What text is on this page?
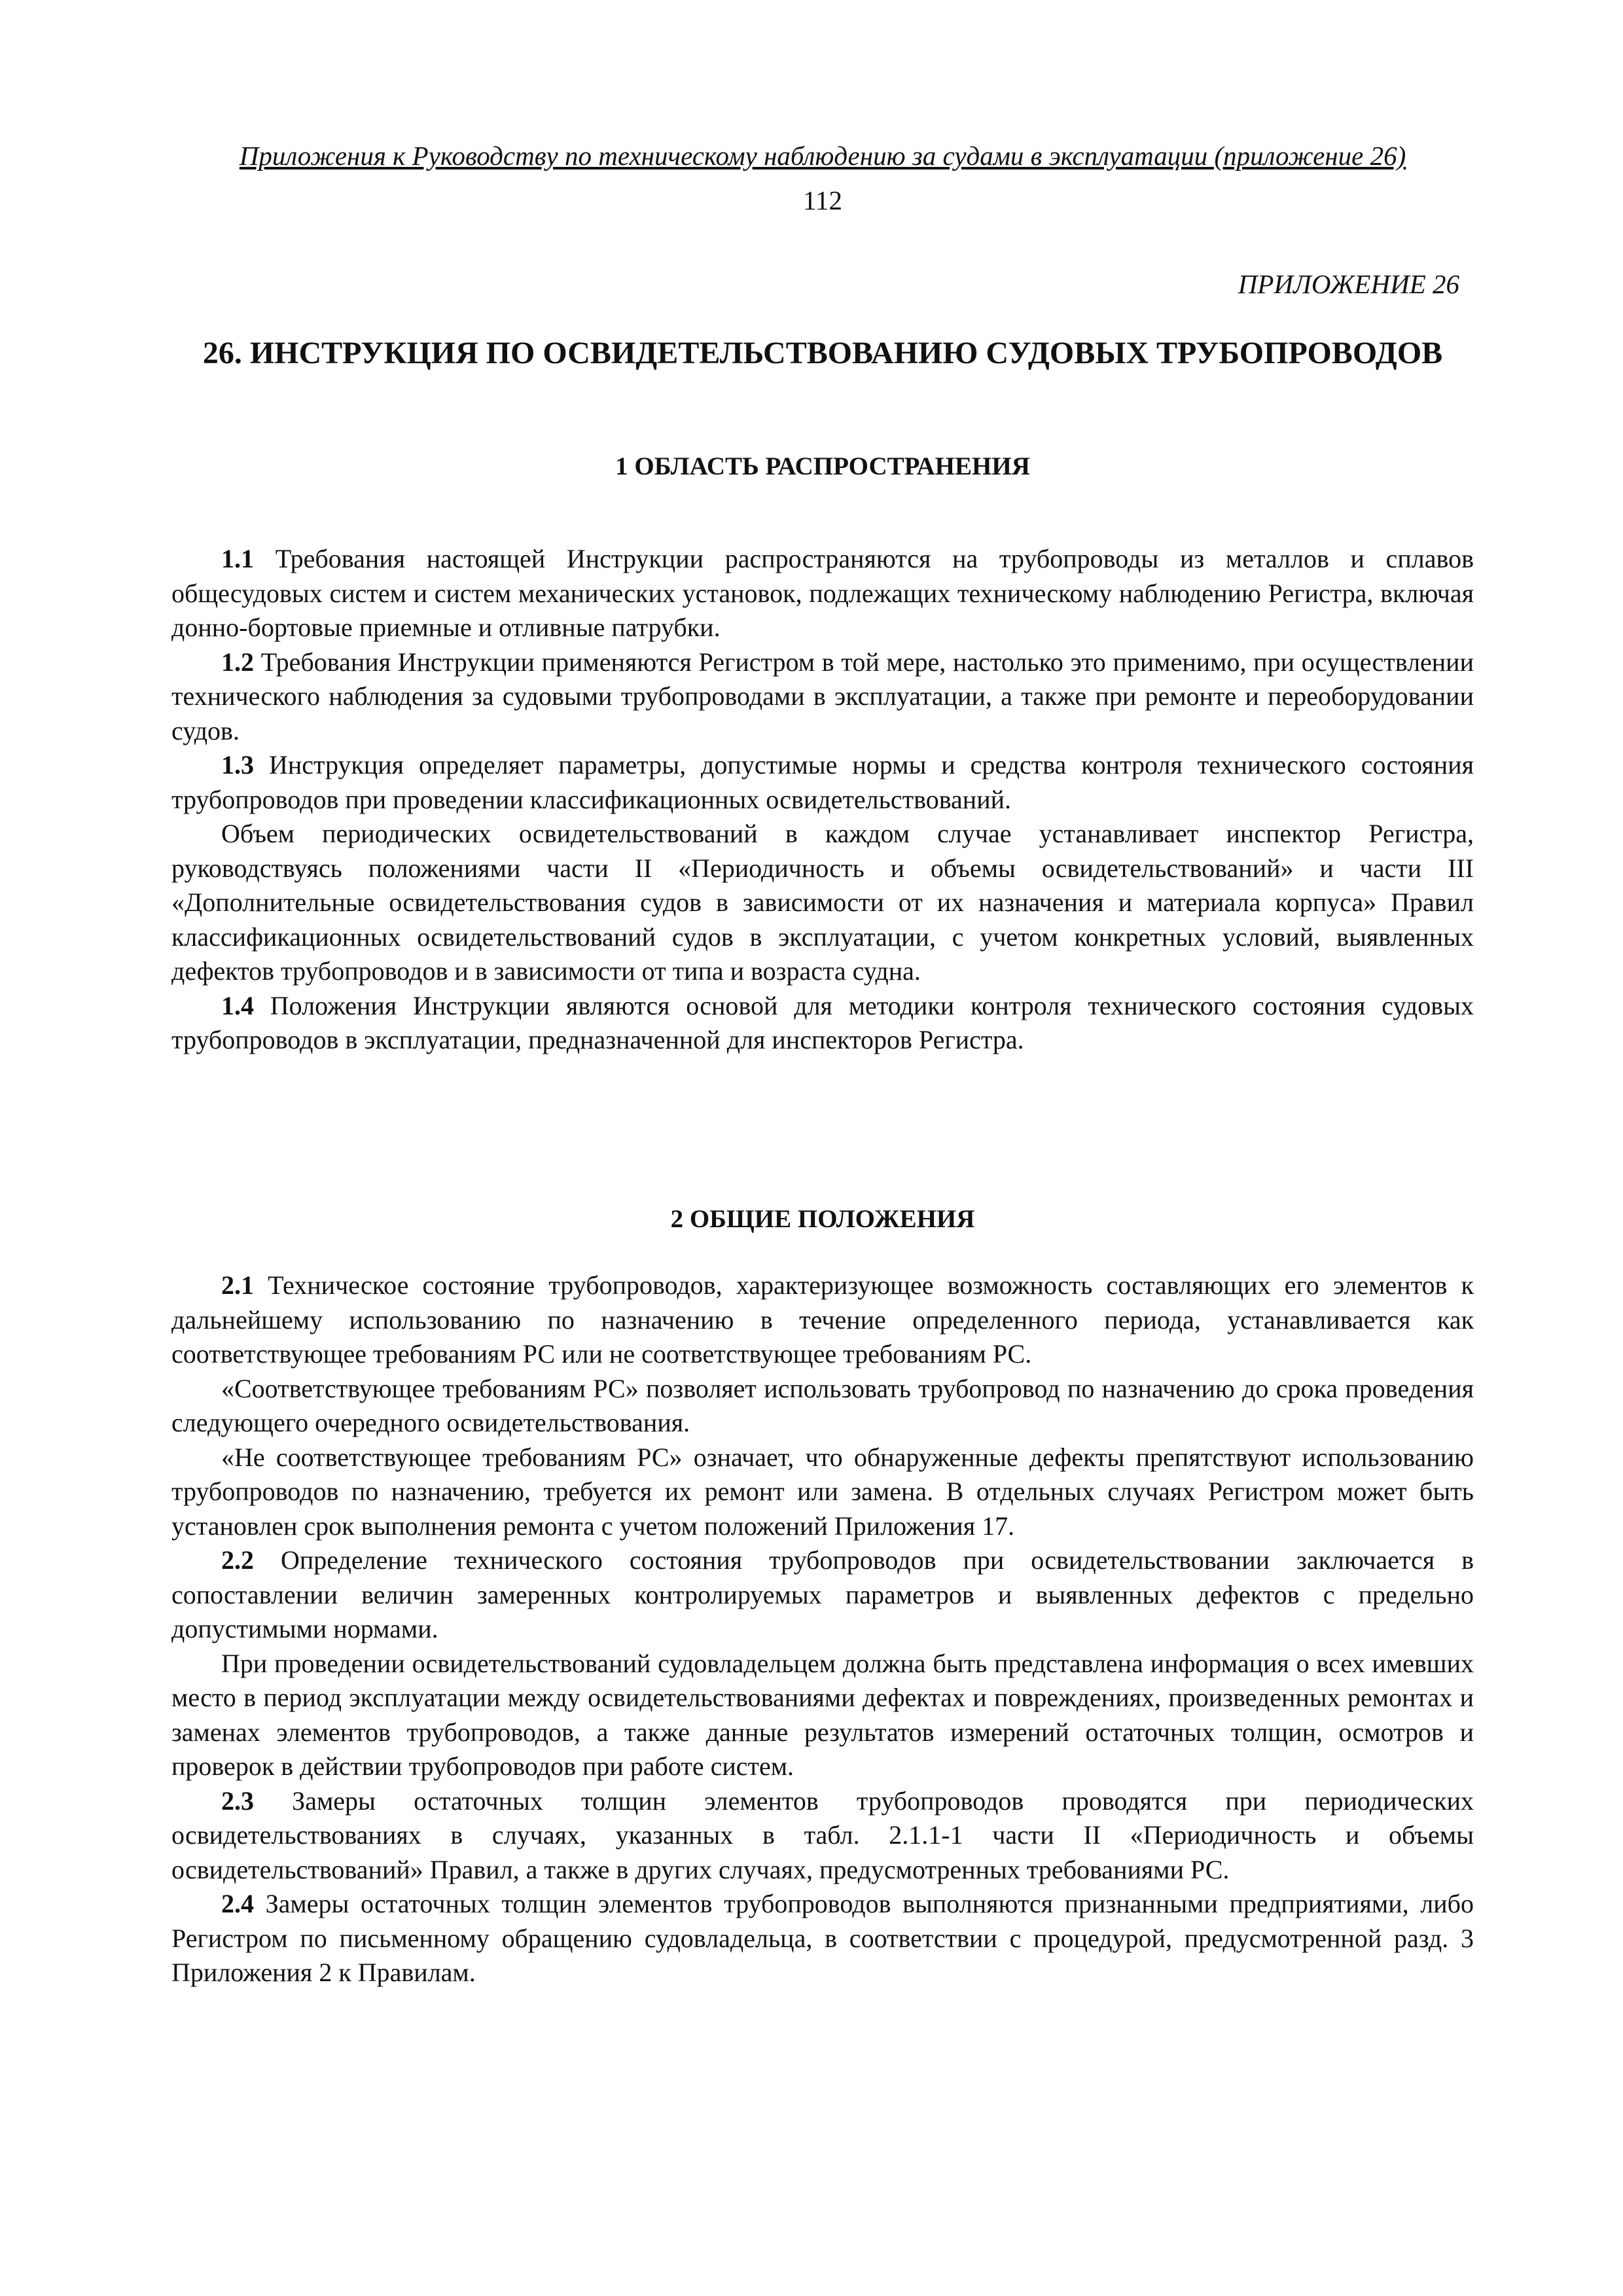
Приложения к Руководству по техническому наблюдению за судами в эксплуатации (приложение 26)
112
ПРИЛОЖЕНИЕ 26
26. ИНСТРУКЦИЯ ПО ОСВИДЕТЕЛЬСТВОВАНИЮ СУДОВЫХ ТРУБОПРОВОДОВ
1 ОБЛАСТЬ РАСПРОСТРАНЕНИЯ

1.1 Требования настоящей Инструкции распространяются на трубопроводы из металлов и сплавов общесудовых систем и систем механических установок, подлежащих техническому наблюдению Регистра, включая донно-бортовые приемные и отливные патрубки.

1.2 Требования Инструкции применяются Регистром в той мере, настолько это применимо, при осуществлении технического наблюдения за судовыми трубопроводами в эксплуатации, а также при ремонте и переоборудовании судов.

1.3 Инструкция определяет параметры, допустимые нормы и средства контроля технического состояния трубопроводов при проведении классификационных освидетельствований.

Объем периодических освидетельствований в каждом случае устанавливает инспектор Регистра, руководствуясь положениями части II «Периодичность и объемы освидетельствований» и части III «Дополнительные освидетельствования судов в зависимости от их назначения и материала корпуса» Правил классификационных освидетельствований судов в эксплуатации, с учетом конкретных условий, выявленных дефектов трубопроводов и в зависимости от типа и возраста судна.

1.4 Положения Инструкции являются основой для методики контроля технического состояния судовых трубопроводов в эксплуатации, предназначенной для инспекторов Регистра.

2 ОБЩИЕ ПОЛОЖЕНИЯ

2.1 Техническое состояние трубопроводов, характеризующее возможность составляющих его элементов к дальнейшему использованию по назначению в течение определенного периода, устанавливается как соответствующее требованиям РС или не соответствующее требованиям РС.

«Соответствующее требованиям РС» позволяет использовать трубопровод по назначению до срока проведения следующего очередного освидетельствования.

«Не соответствующее требованиям РС» означает, что обнаруженные дефекты препятствуют использованию трубопроводов по назначению, требуется их ремонт или замена. В отдельных случаях Регистром может быть установлен срок выполнения ремонта с учетом положений Приложения 17.

2.2 Определение технического состояния трубопроводов при освидетельствовании заключается в сопоставлении величин замеренных контролируемых параметров и выявленных дефектов с предельно допустимыми нормами.

При проведении освидетельствований судовладельцем должна быть представлена информация о всех имевших место в период эксплуатации между освидетельствованиями дефектах и повреждениях, произведенных ремонтах и заменах элементов трубопроводов, а также данные результатов измерений остаточных толщин, осмотров и проверок в действии трубопроводов при работе систем.

2.3 Замеры остаточных толщин элементов трубопроводов проводятся при периодических освидетельствованиях в случаях, указанных в табл. 2.1.1-1 части II «Периодичность и объемы освидетельствований» Правил, а также в других случаях, предусмотренных требованиями РС.

2.4 Замеры остаточных толщин элементов трубопроводов выполняются признанными предприятиями, либо Регистром по письменному обращению судовладельца, в соответствии с процедурой, предусмотренной разд. 3 Приложения 2 к Правилам.
